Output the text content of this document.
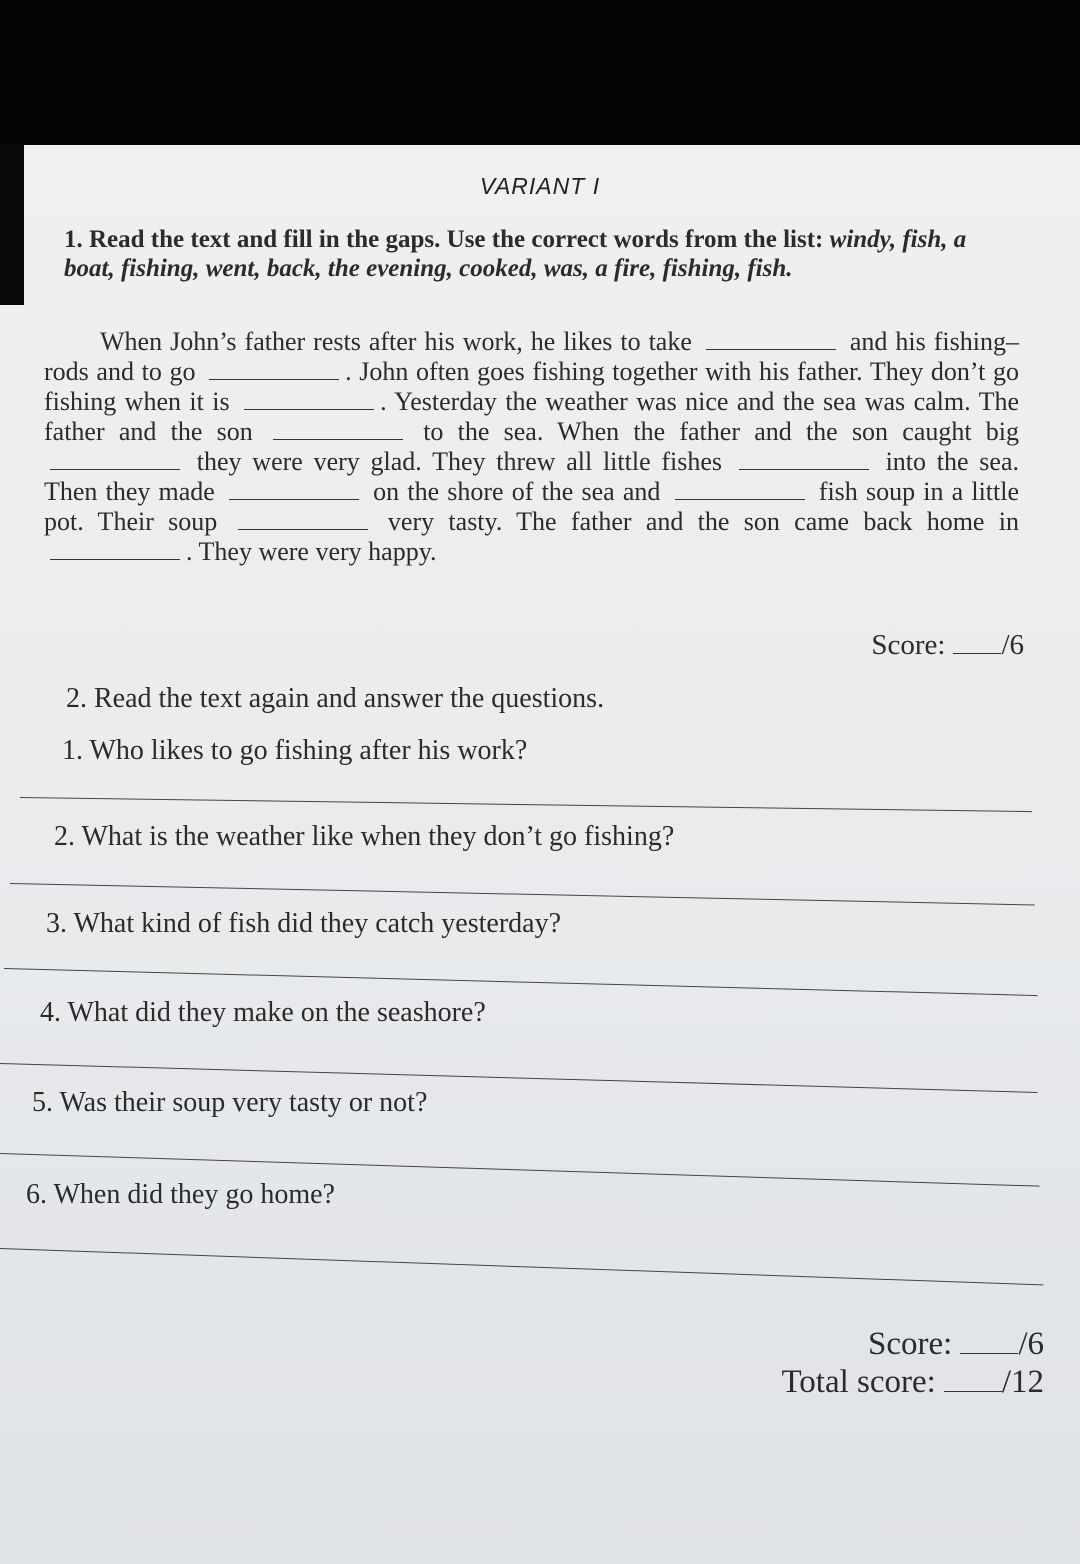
VARIANT I
1. Read the text and fill in the gaps. Use the correct words from the list: windy, fish, a boat, fishing, went, back, the evening, cooked, was, a fire, fishing, fish.
When John’s father rests after his work, he likes to take	and his fishing–rods and to go	. John often goes fishing together with his father. They don’t go fishing when it is	. Yesterday the weather was nice and the sea was calm. The father and the son	to the sea. When the father and the son caught big  they were very glad. They threw all little fishes	into the sea. Then they made	on the shore of the sea and	fish soup in a little pot. Their soup	very tasty. The father and the son came back home in . They were very happy.
Score: /6
2. Read the text again and answer the questions.
1. Who likes to go fishing after his work?
2. What is the weather like when they don’t go fishing?
3. What kind of fish did they catch yesterday?
4. What did they make on the seashore?
5. Was their soup very tasty or not?
6. When did they go home?
Score: /6
Total score: /12
